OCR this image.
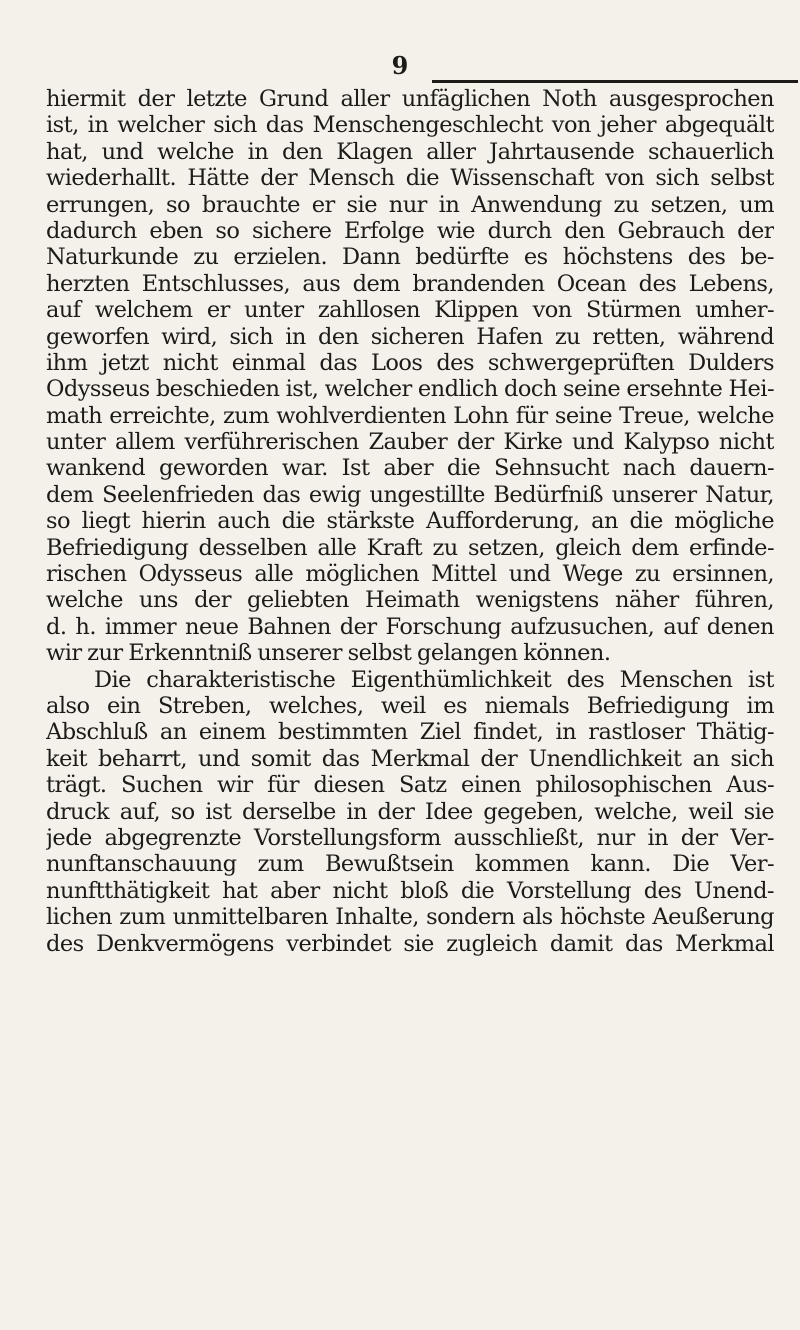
9
hiermit der letzte Grund aller unfäglichen Noth ausgesprochen
ist, in welcher sich das Menschengeschlecht von jeher abgequält
hat, und welche in den Klagen aller Jahrtausende schauerlich
wiederhallt. Hätte der Mensch die Wissenschaft von sich selbst
errungen, so brauchte er sie nur in Anwendung zu setzen, um
dadurch eben so sichere Erfolge wie durch den Gebrauch der
Naturkunde zu erzielen. Dann bedürfte es höchstens des be-
herzten Entschlusses, aus dem brandenden Ocean des Lebens,
auf welchem er unter zahllosen Klippen von Stürmen umher-
geworfen wird, sich in den sicheren Hafen zu retten, während
ihm jetzt nicht einmal das Loos des schwergeprüften Dulders
Odysseus beschieden ist, welcher endlich doch seine ersehnte Hei-
math erreichte, zum wohlverdienten Lohn für seine Treue, welche
unter allem verführerischen Zauber der Kirke und Kalypso nicht
wankend geworden war. Ist aber die Sehnsucht nach dauern-
dem Seelenfrieden das ewig ungestillte Bedürfniß unserer Natur,
so liegt hierin auch die stärkste Aufforderung, an die mögliche
Befriedigung desselben alle Kraft zu setzen, gleich dem erfinde-
rischen Odysseus alle möglichen Mittel und Wege zu ersinnen,
welche uns der geliebten Heimath wenigstens näher führen,
d. h. immer neue Bahnen der Forschung aufzusuchen, auf denen
wir zur Erkenntniß unserer selbst gelangen können.
Die charakteristische Eigenthümlichkeit des Menschen ist
also ein Streben, welches, weil es niemals Befriedigung im
Abschluß an einem bestimmten Ziel findet, in rastloser Thätig-
keit beharrt, und somit das Merkmal der Unendlichkeit an sich
trägt. Suchen wir für diesen Satz einen philosophischen Aus-
druck auf, so ist derselbe in der Idee gegeben, welche, weil sie
jede abgegrenzte Vorstellungsform ausschließt, nur in der Ver-
nunftanschauung zum Bewußtsein kommen kann. Die Ver-
nunftthätigkeit hat aber nicht bloß die Vorstellung des Unend-
lichen zum unmittelbaren Inhalte, sondern als höchste Aeußerung
des Denkvermögens verbindet sie zugleich damit das Merkmal
